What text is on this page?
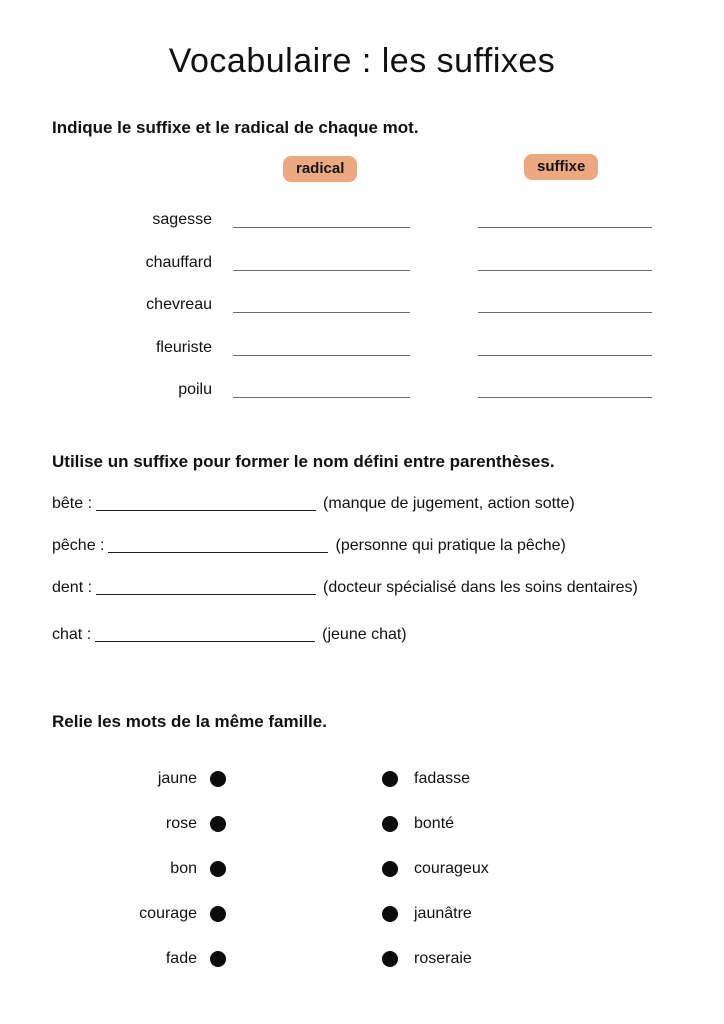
Vocabulaire : les suffixes
Indique le suffixe et le radical de chaque mot.
radical	suffixe
sagesse
chauffard
chevreau
fleuriste
poilu
Utilise un suffixe pour former le nom défini entre parenthèses.
bête :	(manque de jugement, action sotte)
pêche :	(personne qui pratique la pêche)
dent :	(docteur spécialisé dans les soins dentaires)
chat :	(jeune chat)
Relie les mots de la même famille.
jaune	fadasse
rose	bonté
bon	courageux
courage	jaunâtre
fade	roseraie
